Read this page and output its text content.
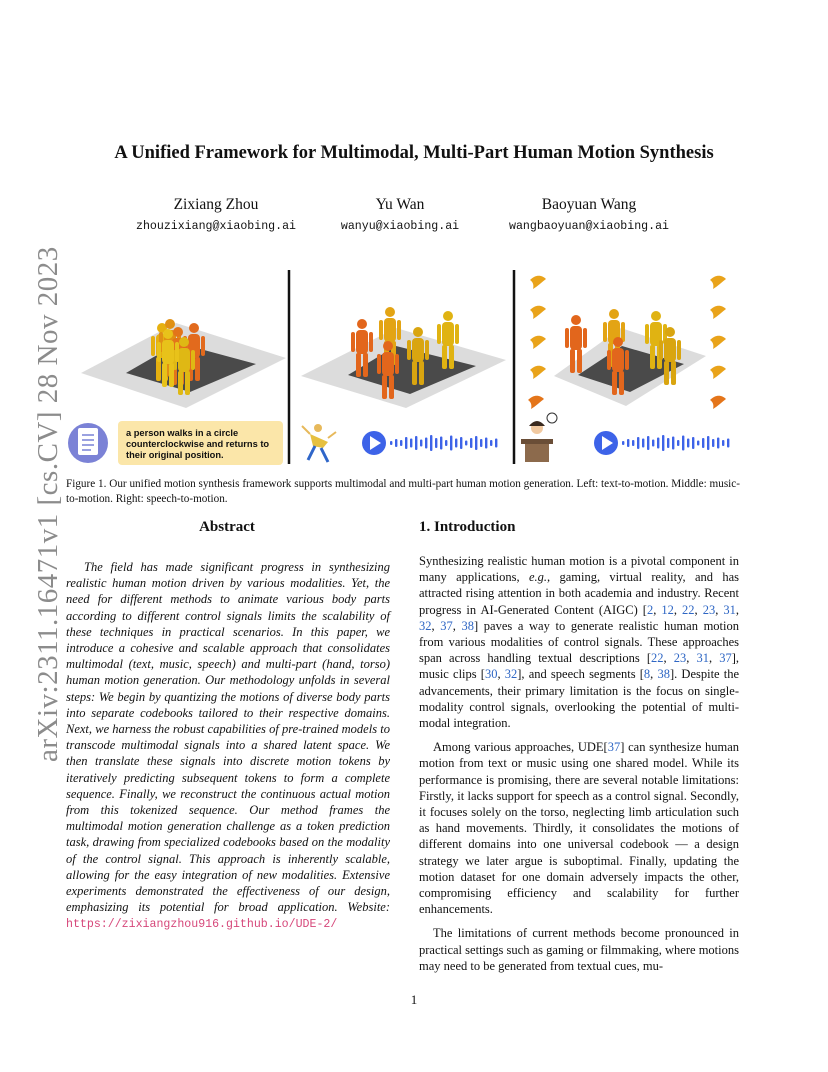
arXiv:2311.16471v1 [cs.CV] 28 Nov 2023
A Unified Framework for Multimodal, Multi-Part Human Motion Synthesis
Zixiang Zhou
zhouzixiang@xiaobing.ai
Yu Wan
wanyu@xiaobing.ai
Baoyuan Wang
wangbaoyuan@xiaobing.ai
a person walks in a circle
counterclockwise and returns to
their original position.
Figure 1. Our unified motion synthesis framework supports multimodal and multi-part human motion generation. Left: text-to-motion. Middle: music-to-motion. Right: speech-to-motion.
Abstract	1. Introduction
The field has made significant progress in synthesizing realistic human motion driven by various modalities. Yet, the need for different methods to animate various body parts according to different control signals limits the scalability of these techniques in practical scenarios. In this paper, we introduce a cohesive and scalable approach that consolidates multimodal (text, music, speech) and multi-part (hand, torso) human motion generation. Our methodology unfolds in several steps: We begin by quantizing the motions of diverse body parts into separate codebooks tailored to their respective domains. Next, we harness the robust capabilities of pre-trained models to transcode multimodal signals into a shared latent space. We then translate these signals into discrete motion tokens by iteratively predicting subsequent tokens to form a complete sequence. Finally, we reconstruct the continuous actual motion from this tokenized sequence. Our method frames the multimodal motion generation challenge as a token prediction task, drawing from specialized codebooks based on the modality of the control signal. This approach is inherently scalable, allowing for the easy integration of new modalities. Extensive experiments demonstrated the effectiveness of our design, emphasizing its potential for broad application. Website: https://zixiangzhou916.github.io/UDE-2/

Synthesizing realistic human motion is a pivotal component in many applications, e.g., gaming, virtual reality, and has attracted rising attention in both academia and industry. Recent progress in AI-Generated Content (AIGC) [2, 12, 22, 23, 31, 32, 37, 38] paves a way to generate realistic human motion from various modalities of control signals. These approaches span across handling textual descriptions [22, 23, 31, 37], music clips [30, 32], and speech segments [8, 38]. Despite the advancements, their primary limitation is the focus on single-modality control signals, overlooking the potential of multi-modal integration.

Among various approaches, UDE[37] can synthesize human motion from text or music using one shared model. While its performance is promising, there are several notable limitations: Firstly, it lacks support for speech as a control signal. Secondly, it focuses solely on the torso, neglecting limb articulation such as hand movements. Thirdly, it consolidates the motions of different domains into one universal codebook — a design strategy we later argue is suboptimal. Finally, updating the motion dataset for one domain adversely impacts the other, compromising efficiency and scalability for further enhancements.

The limitations of current methods become pronounced in practical settings such as gaming or filmmaking, where motions may need to be generated from textual cues, mu-

1
